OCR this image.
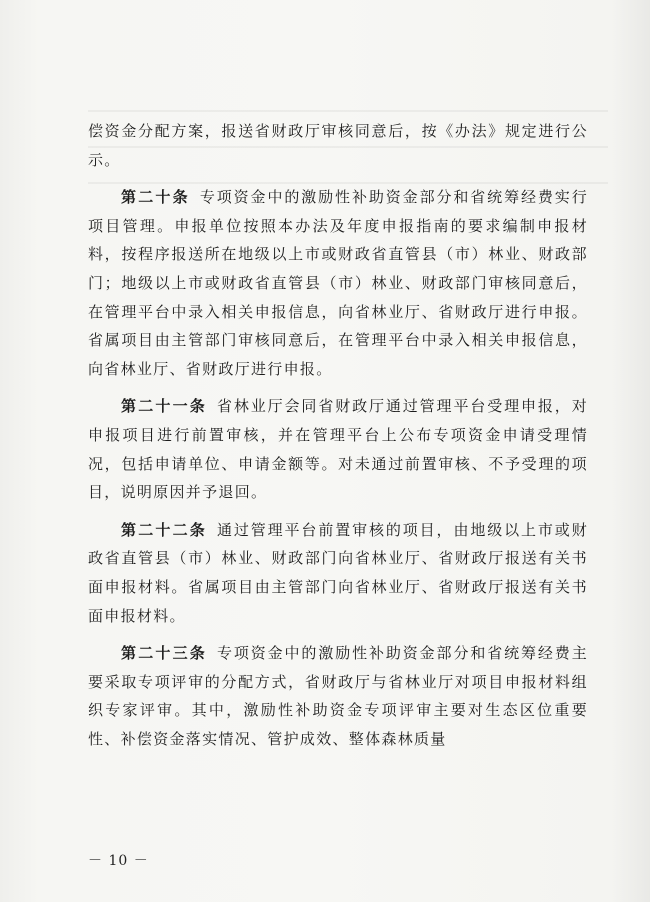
偿资金分配方案，报送省财政厅审核同意后，按《办法》规定进行公示。

第二十条 专项资金中的激励性补助资金部分和省统筹经费实行项目管理。申报单位按照本办法及年度申报指南的要求编制申报材料，按程序报送所在地级以上市或财政省直管县（市）林业、财政部门；地级以上市或财政省直管县（市）林业、财政部门审核同意后，在管理平台中录入相关申报信息，向省林业厅、省财政厅进行申报。省属项目由主管部门审核同意后，在管理平台中录入相关申报信息，向省林业厅、省财政厅进行申报。

第二十一条 省林业厅会同省财政厅通过管理平台受理申报，对申报项目进行前置审核，并在管理平台上公布专项资金申请受理情况，包括申请单位、申请金额等。对未通过前置审核、不予受理的项目，说明原因并予退回。

第二十二条 通过管理平台前置审核的项目，由地级以上市或财政省直管县（市）林业、财政部门向省林业厅、省财政厅报送有关书面申报材料。省属项目由主管部门向省林业厅、省财政厅报送有关书面申报材料。

第二十三条 专项资金中的激励性补助资金部分和省统筹经费主要采取专项评审的分配方式，省财政厅与省林业厅对项目申报材料组织专家评审。其中，激励性补助资金专项评审主要对生态区位重要性、补偿资金落实情况、管护成效、整体森林质量

－ 10 －
